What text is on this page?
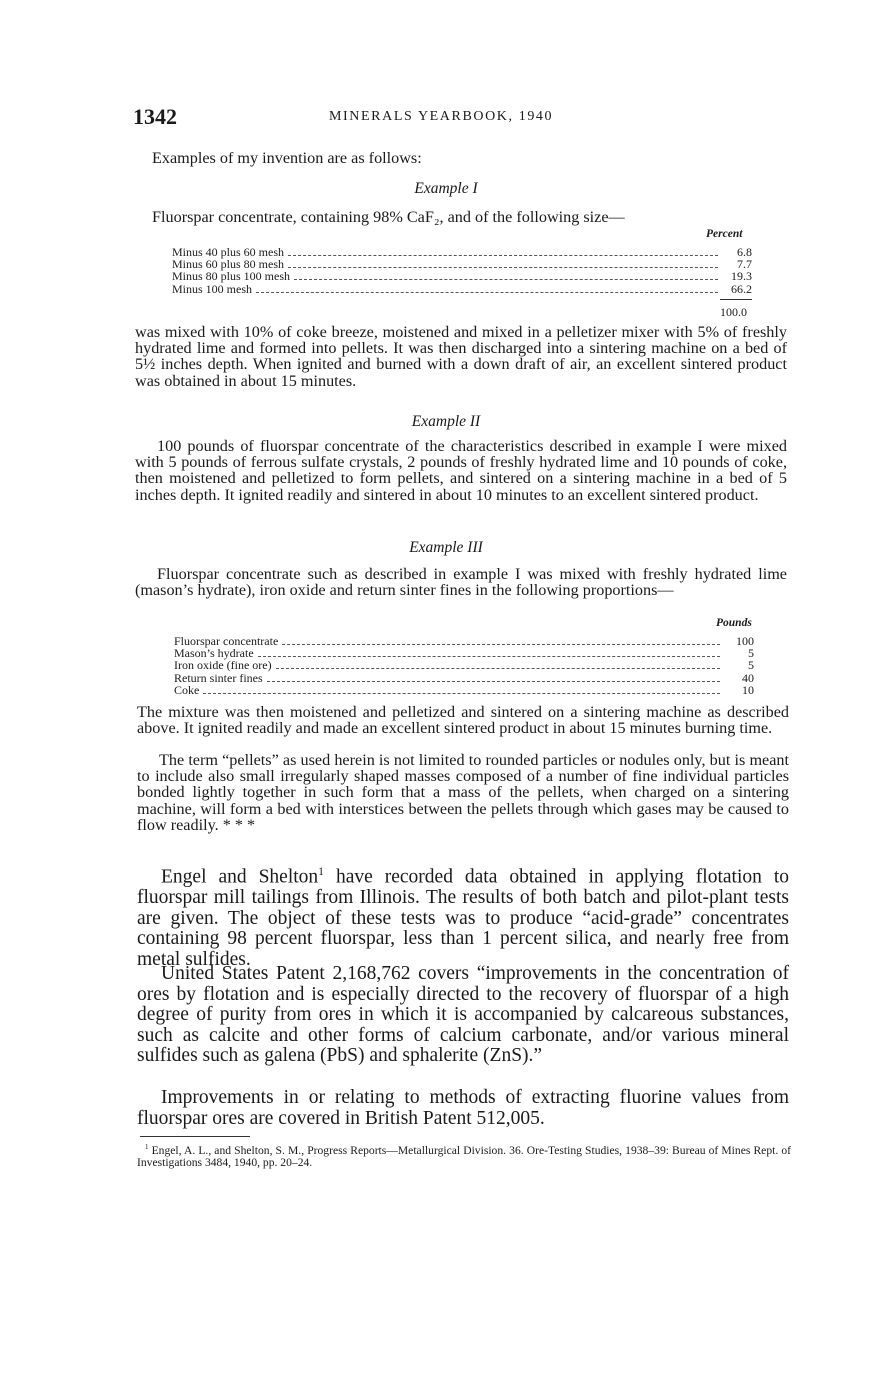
1342	MINERALS YEARBOOK, 1940

Examples of my invention are as follows:

Example I

Fluorspar concentrate, containing 98% CaF₂, and of the following size—

Percent
Minus 40 plus 60 mesh	6.8
Minus 60 plus 80 mesh	7.7
Minus 80 plus 100 mesh	19.3
Minus 100 mesh	66.2
100.0

was mixed with 10% of coke breeze, moistened and mixed in a pelletizer mixer with 5% of freshly hydrated lime and formed into pellets. It was then discharged into a sintering machine on a bed of 5½ inches depth. When ignited and burned with a down draft of air, an excellent sintered product was obtained in about 15 minutes.

Example II

100 pounds of fluorspar concentrate of the characteristics described in example I were mixed with 5 pounds of ferrous sulfate crystals, 2 pounds of freshly hydrated lime and 10 pounds of coke, then moistened and pelletized to form pellets, and sintered on a sintering machine in a bed of 5 inches depth. It ignited readily and sintered in about 10 minutes to an excellent sintered product.

Example III

Fluorspar concentrate such as described in example I was mixed with freshly hydrated lime (mason’s hydrate), iron oxide and return sinter fines in the following proportions—

Pounds
Fluorspar concentrate	100
Mason’s hydrate	5
Iron oxide (fine ore)	5
Return sinter fines	40
Coke	10

The mixture was then moistened and pelletized and sintered on a sintering machine as described above. It ignited readily and made an excellent sintered product in about 15 minutes burning time.

The term “pellets” as used herein is not limited to rounded particles or nodules only, but is meant to include also small irregularly shaped masses composed of a number of fine individual particles bonded lightly together in such form that a mass of the pellets, when charged on a sintering machine, will form a bed with interstices between the pellets through which gases may be caused to flow readily. * * *

Engel and Shelton$^1$ have recorded data obtained in applying flotation to fluorspar mill tailings from Illinois. The results of both batch and pilot-plant tests are given. The object of these tests was to produce “acid-grade” concentrates containing 98 percent fluorspar, less than 1 percent silica, and nearly free from metal sulfides.

United States Patent 2,168,762 covers “improvements in the concentration of ores by flotation and is especially directed to the recovery of fluorspar of a high degree of purity from ores in which it is accompanied by calcareous substances, such as calcite and other forms of calcium carbonate, and/or various mineral sulfides such as galena (PbS) and sphalerite (ZnS).”

Improvements in or relating to methods of extracting fluorine values from fluorspar ores are covered in British Patent 512,005.

$^1$ Engel, A. L., and Shelton, S. M., Progress Reports—Metallurgical Division. 36. Ore-Testing Studies, 1938–39: Bureau of Mines Rept. of Investigations 3484, 1940, pp. 20–24.
